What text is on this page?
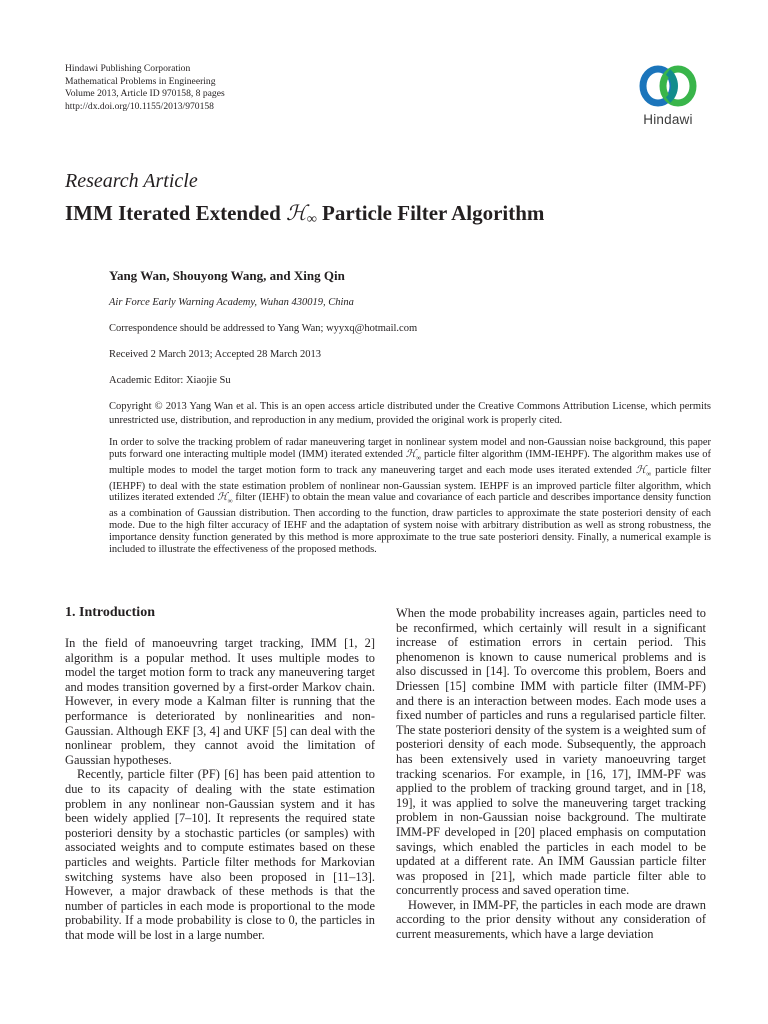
Hindawi Publishing Corporation
Mathematical Problems in Engineering
Volume 2013, Article ID 970158, 8 pages
http://dx.doi.org/10.1155/2013/970158
Hindawi
Research Article
IMM Iterated Extended ℋ$_\infty$ Particle Filter Algorithm
Yang Wan, Shouyong Wang, and Xing Qin
Air Force Early Warning Academy, Wuhan 430019, China
Correspondence should be addressed to Yang Wan; wyyxq@hotmail.com
Received 2 March 2013; Accepted 28 March 2013
Academic Editor: Xiaojie Su
Copyright © 2013 Yang Wan et al. This is an open access article distributed under the Creative Commons Attribution License, which permits unrestricted use, distribution, and reproduction in any medium, provided the original work is properly cited.
In order to solve the tracking problem of radar maneuvering target in nonlinear system model and non-Gaussian noise background, this paper puts forward one interacting multiple model (IMM) iterated extended ℋ$_\infty$ particle filter algorithm (IMM-IEHPF). The algorithm makes use of multiple modes to model the target motion form to track any maneuvering target and each mode uses iterated extended ℋ$_\infty$ particle filter (IEHPF) to deal with the state estimation problem of nonlinear non-Gaussian system. IEHPF is an improved particle filter algorithm, which utilizes iterated extended ℋ$_\infty$ filter (IEHF) to obtain the mean value and covariance of each particle and describes importance density function as a combination of Gaussian distribution. Then according to the function, draw particles to approximate the state posteriori density of each mode. Due to the high filter accuracy of IEHF and the adaptation of system noise with arbitrary distribution as well as strong robustness, the importance density function generated by this method is more approximate to the true sate posteriori density. Finally, a numerical example is included to illustrate the effectiveness of the proposed methods.
1. Introduction

In the field of manoeuvring target tracking, IMM [1, 2] algorithm is a popular method. It uses multiple modes to model the target motion form to track any maneuvering target and modes transition governed by a first-order Markov chain. However, in every mode a Kalman filter is running that the performance is deteriorated by nonlinearities and non-Gaussian. Although EKF [3, 4] and UKF [5] can deal with the nonlinear problem, they cannot avoid the limitation of Gaussian hypotheses.

Recently, particle filter (PF) [6] has been paid attention to due to its capacity of dealing with the state estimation problem in any nonlinear non-Gaussian system and it has been widely applied [7–10]. It represents the required state posteriori density by a stochastic particles (or samples) with associated weights and to compute estimates based on these particles and weights. Particle filter methods for Markovian switching systems have also been proposed in [11–13]. However, a major drawback of these methods is that the number of particles in each mode is proportional to the mode probability. If a mode probability is close to 0, the particles in that mode will be lost in a large number.

When the mode probability increases again, particles need to be reconfirmed, which certainly will result in a significant increase of estimation errors in certain period. This phenomenon is known to cause numerical problems and is also discussed in [14]. To overcome this problem, Boers and Driessen [15] combine IMM with particle filter (IMM-PF) and there is an interaction between modes. Each mode uses a fixed number of particles and runs a regularised particle filter. The state posteriori density of the system is a weighted sum of posteriori density of each mode. Subsequently, the approach has been extensively used in variety manoeuvring target tracking scenarios. For example, in [16, 17], IMM-PF was applied to the problem of tracking ground target, and in [18, 19], it was applied to solve the maneuvering target tracking problem in non-Gaussian noise background. The multirate IMM-PF developed in [20] placed emphasis on computation savings, which enabled the particles in each model to be updated at a different rate. An IMM Gaussian particle filter was proposed in [21], which made particle filter able to concurrently process and saved operation time.

However, in IMM-PF, the particles in each mode are drawn according to the prior density without any consideration of current measurements, which have a large deviation
